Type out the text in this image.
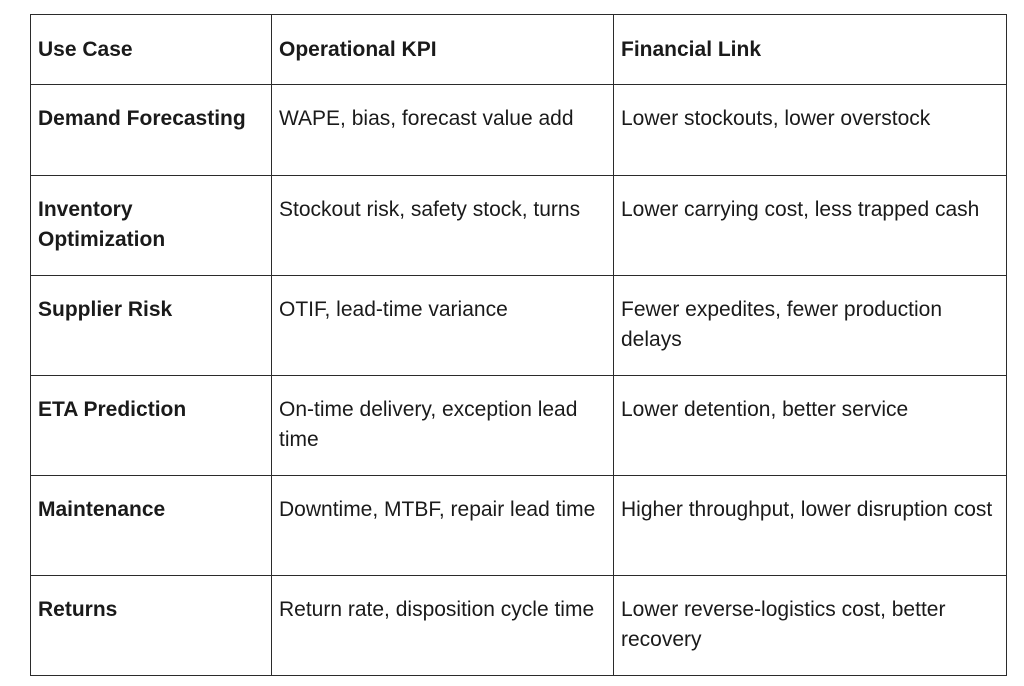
Use Case	Operational KPI	Financial Link
Demand Forecasting	WAPE, bias, forecast value add	Lower stockouts, lower overstock
Inventory Optimization	Stockout risk, safety stock, turns	Lower carrying cost, less trapped cash
Supplier Risk	OTIF, lead-time variance	Fewer expedites, fewer production delays
ETA Prediction	On-time delivery, exception lead time	Lower detention, better service
Maintenance	Downtime, MTBF, repair lead time	Higher throughput, lower disruption cost
Returns	Return rate, disposition cycle time	Lower reverse-logistics cost, better recovery
